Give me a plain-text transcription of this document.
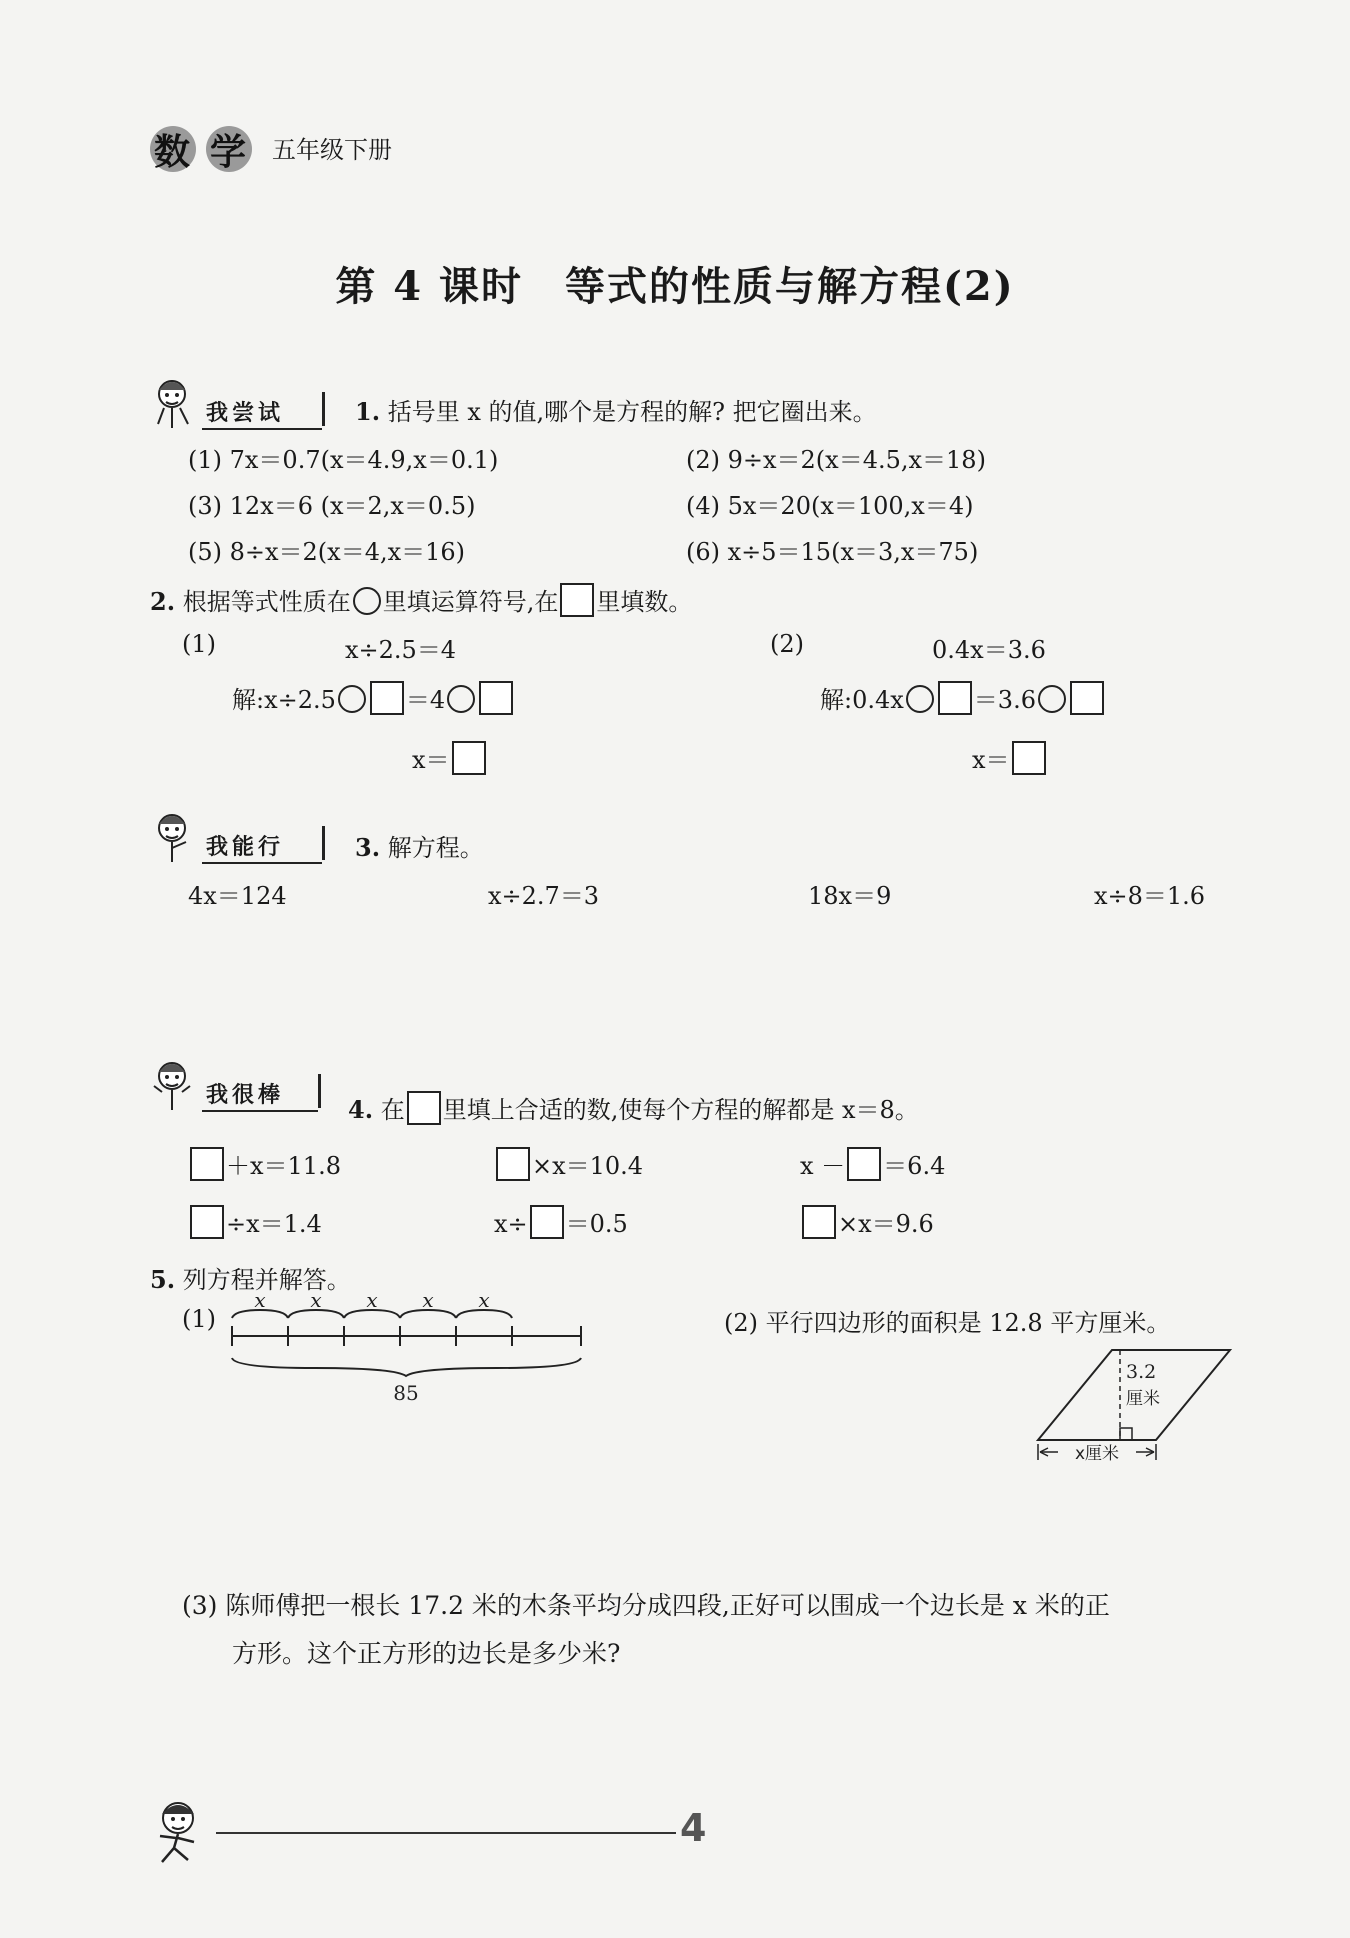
数 学 五年级下册
第 4 课时　等式的性质与解方程(2)
我尝试	1. 括号里 x 的值,哪个是方程的解? 把它圈出来。
(1) 7x＝0.7(x＝4.9,x＝0.1)	(2) 9÷x＝2(x＝4.5,x＝18)
(3) 12x＝6 (x＝2,x＝0.5)	(4) 5x＝20(x＝100,x＝4)
(5) 8÷x＝2(x＝4,x＝16)	(6) x÷5＝15(x＝3,x＝75)
2. 根据等式性质在 里填运算符号,在 里填数。
(1)	x÷2.5＝4
解:x÷2.5	＝4
x＝
(2)	0.4x＝3.6
解:0.4x	＝3.6
x＝
我能行	3. 解方程。
4x＝124	x÷2.7＝3	18x＝9	x÷8＝1.6
我很棒	4. 在 里填上合适的数,使每个方程的解都是 x＝8。
＋x＝11.8	×x＝10.4	x － ＝6.4
÷x＝1.4	x÷ ＝0.5	×x＝9.6
5. 列方程并解答。
(1)
x x x x x
85
(2) 平行四边形的面积是 12.8 平方厘米。
3.2
厘米
x厘米
(3) 陈师傅把一根长 17.2 米的木条平均分成四段,正好可以围成一个边长是 x 米的正
方形。这个正方形的边长是多少米?
4
